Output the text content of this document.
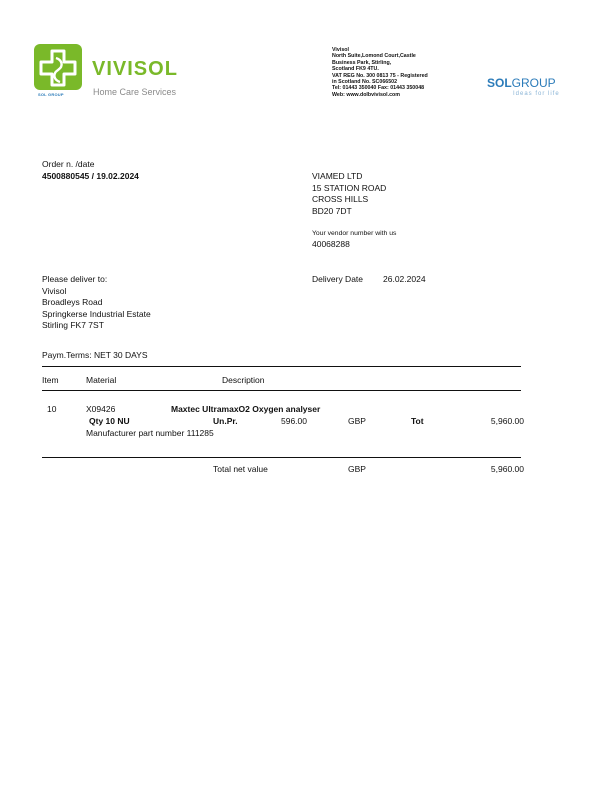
SOL GROUP
VIVISOL
Home Care Services
Vivisol
North Suite,Lomond Court,Castle
Business Park, Stirling,
Scotland FK9 4TU.
VAT REG No. 300 0813 75 - Registered
in Scotland No. SC066502
Tel: 01443 350040 Fax: 01443 350048
Web: www.dolbvivisol.com
SOLGROUP
Ideas for life
Order n. /date
4500880545 / 19.02.2024	VIAMED LTD
15 STATION ROAD
CROSS HILLS
BD20 7DT
Your vendor number with us
40068288
Please deliver to:
Vivisol
Broadleys Road
Springkerse Industrial Estate
Stirling FK7 7ST
Delivery Date 26.02.2024
Paym.Terms: NET 30 DAYS
Item	Material	Description
10	X09426	Maxtec UltramaxO2 Oxygen analyser
Qty 10 NU	Un.Pr.	596.00	GBP	Tot	5,960.00
Manufacturer part number 111285
Total net value	GBP	5,960.00
